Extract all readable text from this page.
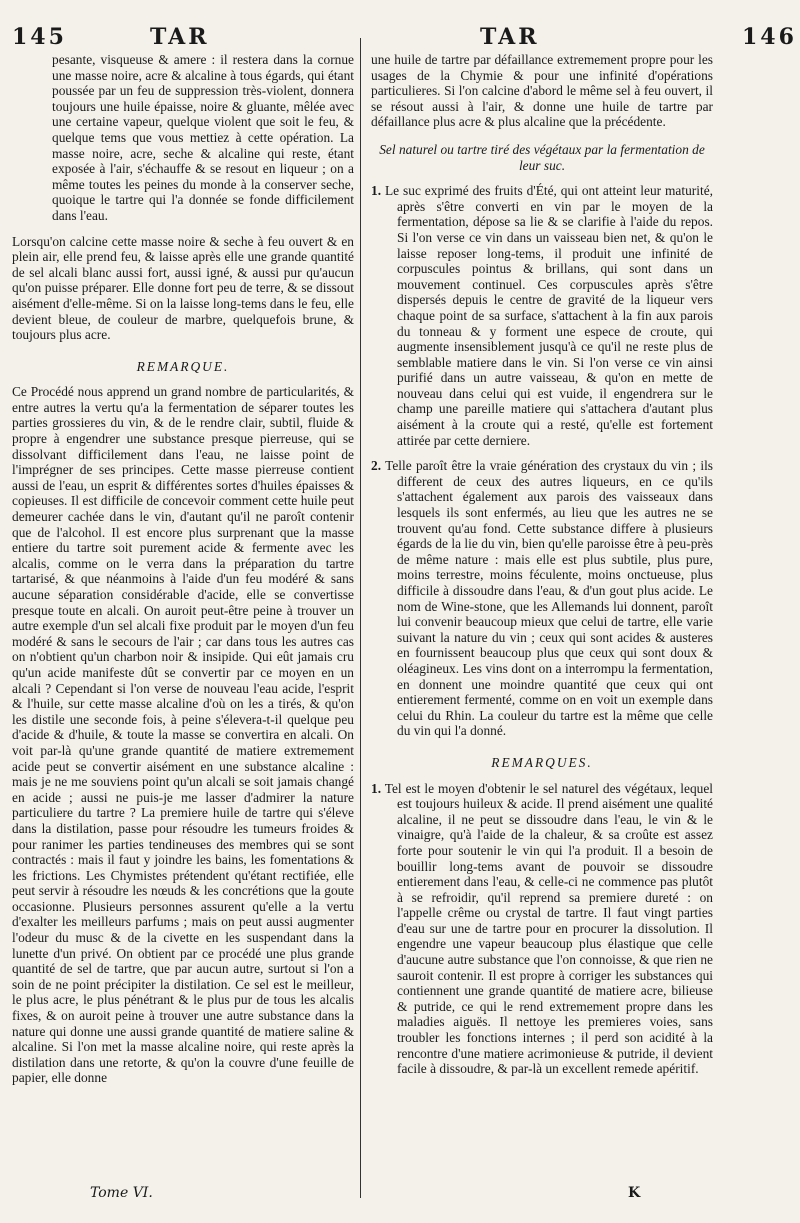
145	TAR	TAR	146

pesante, visqueuse & amere : il restera dans la cornue une masse noire, acre & alcaline à tous égards, qui étant poussée par un feu de suppression très-violent, donnera toujours une huile épaisse, noire & gluante, mêlée avec une certaine vapeur, quelque violent que soit le feu, & quelque tems que vous mettiez à cette opération. La masse noire, acre, seche & alcaline qui reste, étant exposée à l'air, s'échauffe & se resout en liqueur ; on a même toutes les peines du monde à la conserver seche, quoique le tartre qui l'a donnée se fonde difficilement dans l'eau.

Lorsqu'on calcine cette masse noire & seche à feu ouvert & en plein air, elle prend feu, & laisse après elle une grande quantité de sel alcali blanc aussi fort, aussi igné, & aussi pur qu'aucun qu'on puisse préparer. Elle donne fort peu de terre, & se dissout aisément d'elle-même. Si on la laisse long-tems dans le feu, elle devient bleue, de couleur de marbre, quelquefois brune, & toujours plus acre.

REMARQUE.

Ce Procédé nous apprend un grand nombre de particularités, & entre autres la vertu qu'a la fermentation de séparer toutes les parties grossieres du vin, & de le rendre clair, subtil, fluide & propre à engendrer une substance presque pierreuse, qui se dissolvant difficilement dans l'eau, ne laisse point de l'imprégner de ses principes. Cette masse pierreuse contient aussi de l'eau, un esprit & différentes sortes d'huiles épaisses & copieuses. Il est difficile de concevoir comment cette huile peut demeurer cachée dans le vin, d'autant qu'il ne paroît contenir que de l'alcohol. Il est encore plus surprenant que la masse entiere du tartre soit purement acide & fermente avec les alcalis, comme on le verra dans la préparation du tartre tartarisé, & que néanmoins à l'aide d'un feu modéré & sans aucune séparation considérable d'acide, elle se convertisse presque toute en alcali. On auroit peut-être peine à trouver un autre exemple d'un sel alcali fixe produit par le moyen d'un feu modéré & sans le secours de l'air ; car dans tous les autres cas on n'obtient qu'un charbon noir & insipide. Qui eût jamais cru qu'un acide manifeste dût se convertir par ce moyen en un alcali ? Cependant si l'on verse de nouveau l'eau acide, l'esprit & l'huile, sur cette masse alcaline d'où on les a tirés, & qu'on les distile une seconde fois, à peine s'élevera-t-il quelque peu d'acide & d'huile, & toute la masse se convertira en alcali. On voit par-là qu'une grande quantité de matiere extremement acide peut se convertir aisément en une substance alcaline : mais je ne me souviens point qu'un alcali se soit jamais changé en acide ; aussi ne puis-je me lasser d'admirer la nature particuliere du tartre ? La premiere huile de tartre qui s'éleve dans la distilation, passe pour résoudre les tumeurs froides & pour ranimer les parties tendineuses des membres qui se sont contractés : mais il faut y joindre les bains, les fomentations & les frictions. Les Chymistes prétendent qu'étant rectifiée, elle peut servir à résoudre les nœuds & les concrétions que la goute occasionne. Plusieurs personnes assurent qu'elle a la vertu d'exalter les meilleurs parfums ; mais on peut aussi augmenter l'odeur du musc & de la civette en les suspendant dans la lunette d'un privé. On obtient par ce procédé une plus grande quantité de sel de tartre, que par aucun autre, surtout si l'on a soin de ne point précipiter la distilation. Ce sel est le meilleur, le plus acre, le plus pénétrant & le plus pur de tous les alcalis fixes, & on auroit peine à trouver une autre substance dans la nature qui donne une aussi grande quantité de matiere saline & alcaline. Si l'on met la masse alcaline noire, qui reste après la distilation dans une retorte, & qu'on la couvre d'une feuille de papier, elle donne

une huile de tartre par défaillance extremement propre pour les usages de la Chymie & pour une infinité d'opérations particulieres. Si l'on calcine d'abord le même sel à feu ouvert, il se résout aussi à l'air, & donne une huile de tartre par défaillance plus acre & plus alcaline que la précédente.

Sel naturel ou tartre tiré des végétaux par la fermentation de leur suc.

1. Le suc exprimé des fruits d'Été, qui ont atteint leur maturité, après s'être converti en vin par le moyen de la fermentation, dépose sa lie & se clarifie à l'aide du repos. Si l'on verse ce vin dans un vaisseau bien net, & qu'on le laisse reposer long-tems, il produit une infinité de corpuscules pointus & brillans, qui sont dans un mouvement continuel. Ces corpuscules après s'être dispersés depuis le centre de gravité de la liqueur vers chaque point de sa surface, s'attachent à la fin aux parois du tonneau & y forment une espece de croute, qui augmente insensiblement jusqu'à ce qu'il ne reste plus de semblable matiere dans le vin. Si l'on verse ce vin ainsi purifié dans un autre vaisseau, & qu'on en mette de nouveau dans celui qui est vuide, il engendrera sur le champ une pareille matiere qui s'attachera d'autant plus aisément à la croute qui a resté, qu'elle est fortement attirée par cette derniere.

2. Telle paroît être la vraie génération des crystaux du vin ; ils different de ceux des autres liqueurs, en ce qu'ils s'attachent également aux parois des vaisseaux dans lesquels ils sont enfermés, au lieu que les autres ne se trouvent qu'au fond. Cette substance differe à plusieurs égards de la lie du vin, bien qu'elle paroisse être à peu-près de même nature : mais elle est plus subtile, plus pure, moins terrestre, moins féculente, moins onctueuse, plus difficile à dissoudre dans l'eau, & d'un gout plus acide. Le nom de Wine-stone, que les Allemands lui donnent, paroît lui convenir beaucoup mieux que celui de tartre, elle varie suivant la nature du vin ; ceux qui sont acides & austeres en fournissent beaucoup plus que ceux qui sont doux & oléagineux. Les vins dont on a interrompu la fermentation, en donnent une moindre quantité que ceux qui ont entierement fermenté, comme on en voit un exemple dans celui du Rhin. La couleur du tartre est la même que celle du vin qui l'a donné.

REMARQUES.

1. Tel est le moyen d'obtenir le sel naturel des végétaux, lequel est toujours huileux & acide. Il prend aisément une qualité alcaline, il ne peut se dissoudre dans l'eau, le vin & le vinaigre, qu'à l'aide de la chaleur, & sa croûte est assez forte pour soutenir le vin qui l'a produit. Il a besoin de bouillir long-tems avant de pouvoir se dissoudre entierement dans l'eau, & celle-ci ne commence pas plutôt à se refroidir, qu'il reprend sa premiere dureté : on l'appelle crême ou crystal de tartre. Il faut vingt parties d'eau sur une de tartre pour en procurer la dissolution. Il engendre une vapeur beaucoup plus élastique que celle d'aucune autre substance que l'on connoisse, & que rien ne sauroit contenir. Il est propre à corriger les substances qui contiennent une grande quantité de matiere acre, bilieuse & putride, ce qui le rend extremement propre dans les maladies aiguës. Il nettoye les premieres voies, sans troubler les fonctions internes ; il perd son acidité à la rencontre d'une matiere acrimonieuse & putride, il devient facile à dissoudre, & par-là un excellent remede apéritif.

Tome VI.	K
